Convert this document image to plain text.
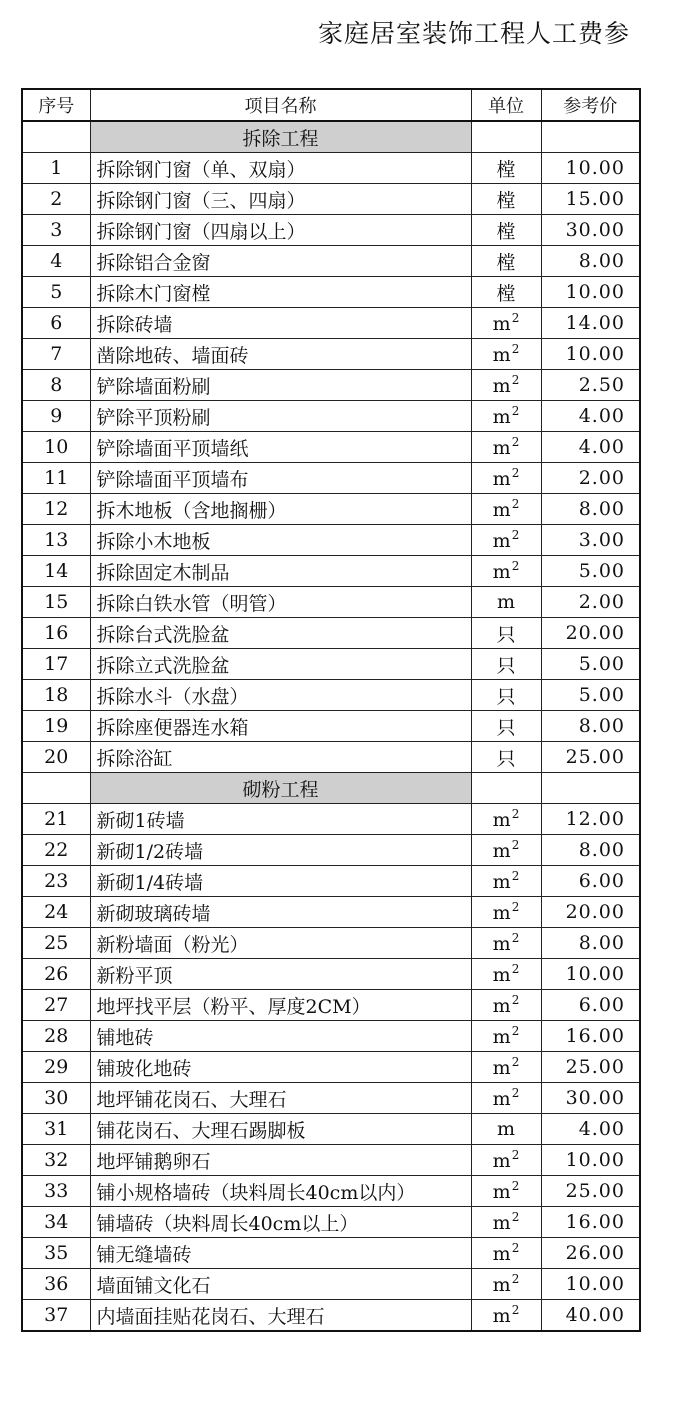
家庭居室装饰工程人工费参
序号	项目名称	单位	参考价
	拆除工程		
1	拆除钢门窗（单、双扇）	樘	10.00
2	拆除钢门窗（三、四扇）	樘	15.00
3	拆除钢门窗（四扇以上）	樘	30.00
4	拆除铝合金窗	樘	8.00
5	拆除木门窗樘	樘	10.00
6	拆除砖墙	$m^2$	14.00
7	凿除地砖、墙面砖	$m^2$	10.00
8	铲除墙面粉刷	$m^2$	2.50
9	铲除平顶粉刷	$m^2$	4.00
10	铲除墙面平顶墙纸	$m^2$	4.00
11	铲除墙面平顶墙布	$m^2$	2.00
12	拆木地板（含地搁栅）	$m^2$	8.00
13	拆除小木地板	$m^2$	3.00
14	拆除固定木制品	$m^2$	5.00
15	拆除白铁水管（明管）	m	2.00
16	拆除台式洗脸盆	只	20.00
17	拆除立式洗脸盆	只	5.00
18	拆除水斗（水盘）	只	5.00
19	拆除座便器连水箱	只	8.00
20	拆除浴缸	只	25.00
	砌粉工程		
21	新砌1砖墙	$m^2$	12.00
22	新砌1/2砖墙	$m^2$	8.00
23	新砌1/4砖墙	$m^2$	6.00
24	新砌玻璃砖墙	$m^2$	20.00
25	新粉墙面（粉光）	$m^2$	8.00
26	新粉平顶	$m^2$	10.00
27	地坪找平层（粉平、厚度2CM）	$m^2$	6.00
28	铺地砖	$m^2$	16.00
29	铺玻化地砖	$m^2$	25.00
30	地坪铺花岗石、大理石	$m^2$	30.00
31	铺花岗石、大理石踢脚板	m	4.00
32	地坪铺鹅卵石	$m^2$	10.00
33	铺小规格墙砖（块料周长40cm以内）	$m^2$	25.00
34	铺墙砖（块料周长40cm以上）	$m^2$	16.00
35	铺无缝墙砖	$m^2$	26.00
36	墙面铺文化石	$m^2$	10.00
37	内墙面挂贴花岗石、大理石	$m^2$	40.00
